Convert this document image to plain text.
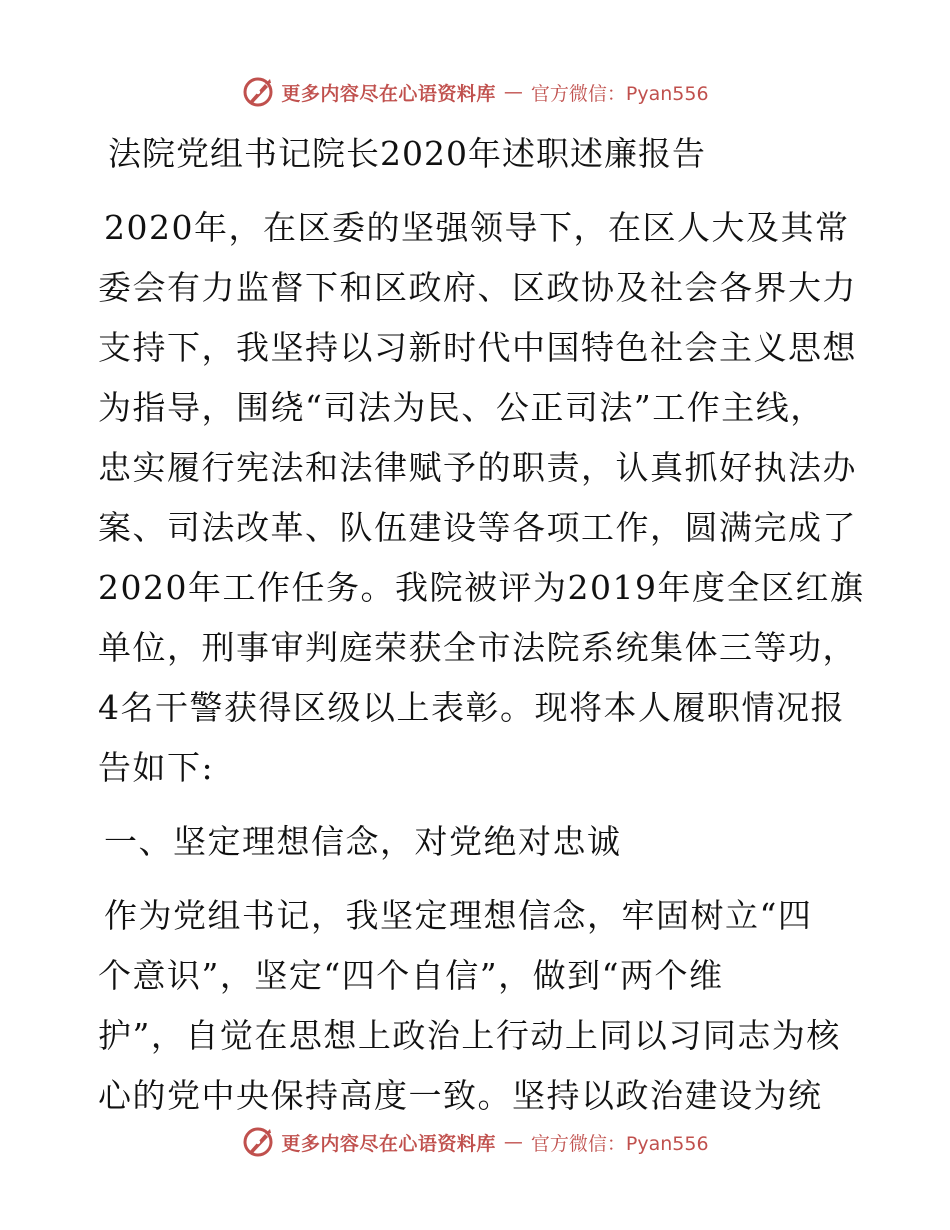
更多内容尽在心语资料库 — 官方微信：Pyan556
法院党组书记院长2020年述职述廉报告
2020年，在区委的坚强领导下，在区人大及其常
委会有力监督下和区政府、区政协及社会各界大力
支持下，我坚持以习新时代中国特色社会主义思想
为指导，围绕“司法为民、公正司法”工作主线，
忠实履行宪法和法律赋予的职责，认真抓好执法办
案、司法改革、队伍建设等各项工作，圆满完成了
2020年工作任务。我院被评为2019年度全区红旗
单位，刑事审判庭荣获全市法院系统集体三等功，
4名干警获得区级以上表彰。现将本人履职情况报
告如下:
一、坚定理想信念，对党绝对忠诚
作为党组书记，我坚定理想信念，牢固树立“四
个意识”，坚定“四个自信”，做到“两个维
护”，自觉在思想上政治上行动上同以习同志为核
心的党中央保持高度一致。坚持以政治建设为统
更多内容尽在心语资料库 — 官方微信：Pyan556
